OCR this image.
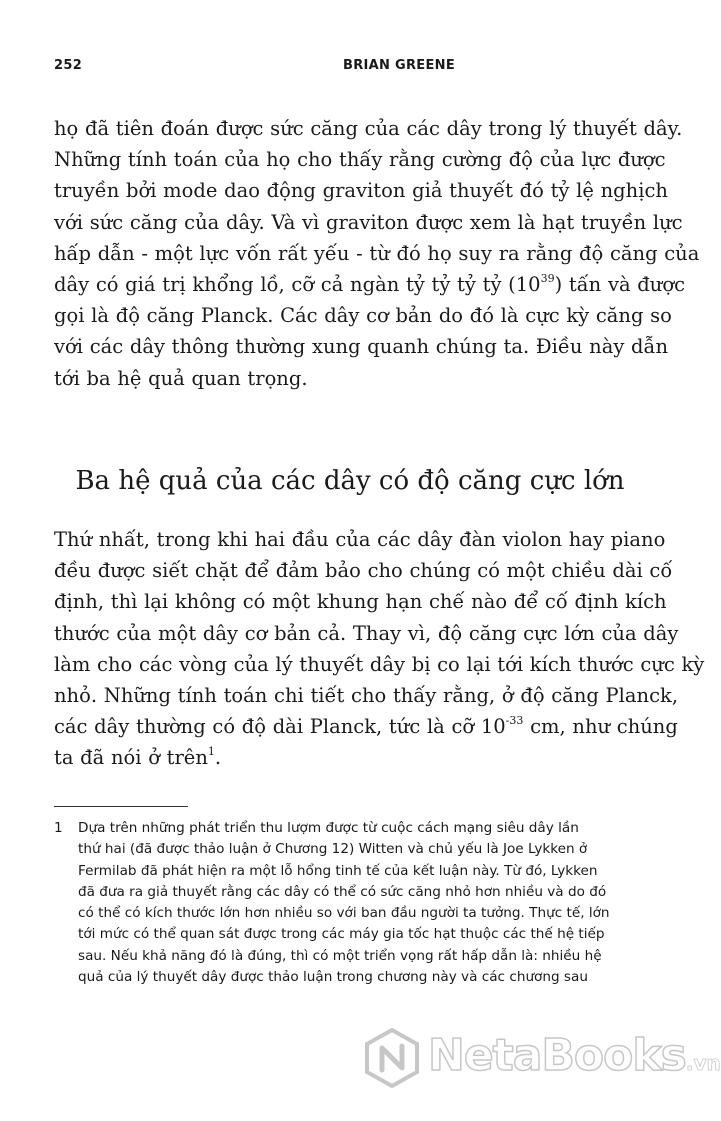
252	BRIAN GREENE

họ đã tiên đoán được sức căng của các dây trong lý thuyết dây.
Những tính toán của họ cho thấy rằng cường độ của lực được
truyền bởi mode dao động graviton giả thuyết đó tỷ lệ nghịch
với sức căng của dây. Và vì graviton được xem là hạt truyền lực
hấp dẫn - một lực vốn rất yếu - từ đó họ suy ra rằng độ căng của
dây có giá trị khổng lồ, cỡ cả ngàn tỷ tỷ tỷ tỷ $(10^{39})$ tấn và được
gọi là độ căng Planck. Các dây cơ bản do đó là cực kỳ căng so
với các dây thông thường xung quanh chúng ta. Điều này dẫn
tới ba hệ quả quan trọng.

Ba hệ quả của các dây có độ căng cực lớn

Thứ nhất, trong khi hai đầu của các dây đàn violon hay piano
đều được siết chặt để đảm bảo cho chúng có một chiều dài cố
định, thì lại không có một khung hạn chế nào để cố định kích
thước của một dây cơ bản cả. Thay vì, độ căng cực lớn của dây
làm cho các vòng của lý thuyết dây bị co lại tới kích thước cực kỳ
nhỏ. Những tính toán chi tiết cho thấy rằng, ở độ căng Planck,
các dây thường có độ dài Planck, tức là cỡ $10^{-33}$ cm, như chúng
ta đã nói ở trên$^1$.

1 Dựa trên những phát triển thu lượm được từ cuộc cách mạng siêu dây lần
thứ hai (đã được thảo luận ở Chương 12) Witten và chủ yếu là Joe Lykken ở
Fermilab đã phát hiện ra một lỗ hổng tinh tế của kết luận này. Từ đó, Lykken
đã đưa ra giả thuyết rằng các dây có thể có sức căng nhỏ hơn nhiều và do đó
có thể có kích thước lớn hơn nhiều so với ban đầu người ta tưởng. Thực tế, lớn
tới mức có thể quan sát được trong các máy gia tốc hạt thuộc các thế hệ tiếp
sau. Nếu khả năng đó là đúng, thì có một triển vọng rất hấp dẫn là: nhiều hệ
quả của lý thuyết dây được thảo luận trong chương này và các chương sau
NetaBooks.vn
